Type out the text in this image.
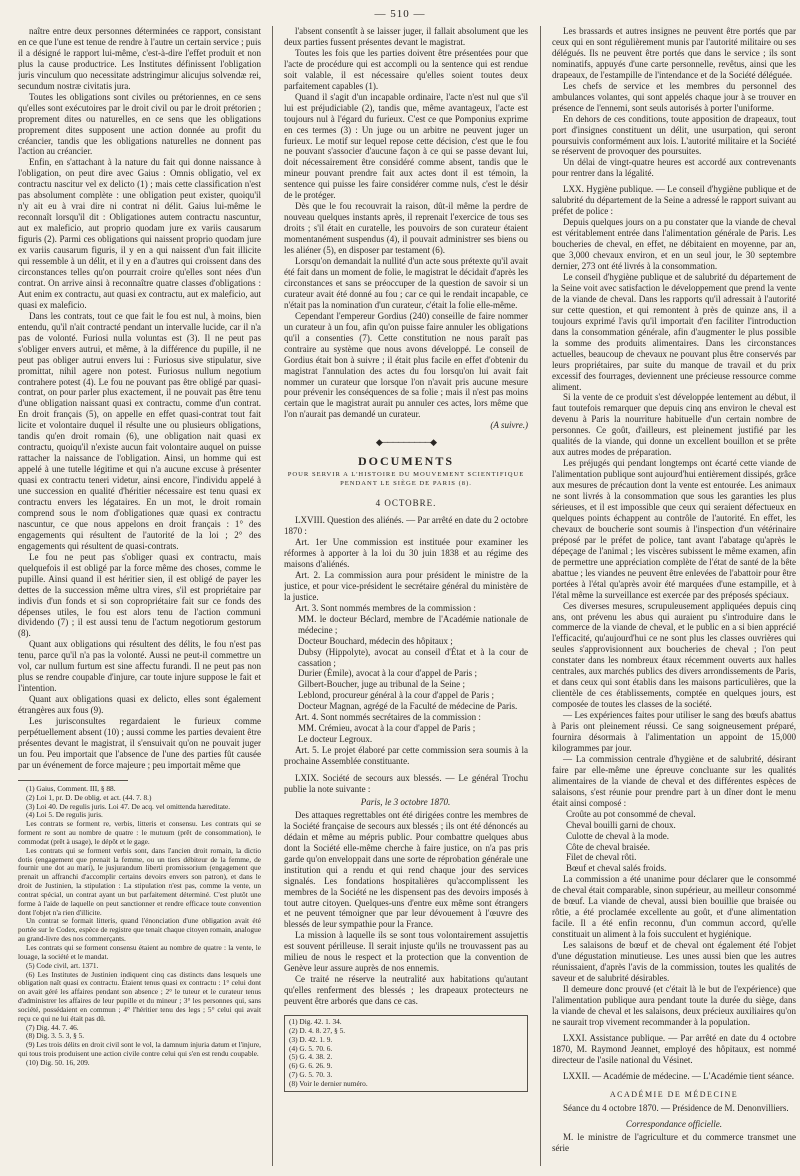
— 510 —

naître entre deux personnes déterminées ce rapport, consistant en ce que l'une est tenue de rendre à l'autre un certain service ; puis il a désigné le rapport lui-même, c'est-à-dire l'effet produit et non plus la cause productrice. Les Institutes définissent l'obligation juris vinculum quo necessitate adstringimur alicujus solvendæ rei, secundum nostræ civitatis jura.

Toutes les obligations sont civiles ou prétoriennes, en ce sens qu'elles sont exécutoires par le droit civil ou par le droit prétorien ; proprement dites ou naturelles, en ce sens que les obligations proprement dites supposent une action donnée au profit du créancier, tandis que les obligations naturelles ne donnent pas l'action au créancier.

Enfin, en s'attachant à la nature du fait qui donne naissance à l'obligation, on peut dire avec Gaius : Omnis obligatio, vel ex contractu nascitur vel ex delicto (1) ; mais cette classification n'est pas absolument complète : une obligation peut exister, quoiqu'il n'y ait eu à vrai dire ni contrat ni délit. Gaius lui-même le reconnaît lorsqu'il dit : Obligationes autem contractu nascuntur, aut ex maleficio, aut proprio quodam jure ex variis causarum figuris (2). Parmi ces obligations qui naissent proprio quodam jure ex variis causarum figuris, il y en a qui naissent d'un fait illicite qui ressemble à un délit, et il y en a d'autres qui croissent dans des circonstances telles qu'on pourrait croire qu'elles sont nées d'un contrat. On arrive ainsi à reconnaître quatre classes d'obligations : Aut enim ex contractu, aut quasi ex contractu, aut ex maleficio, aut quasi ex maleficio.

Dans les contrats, tout ce que fait le fou est nul, à moins, bien entendu, qu'il n'ait contracté pendant un intervalle lucide, car il n'a pas de volonté. Furiosi nulla voluntas est (3). Il ne peut pas s'obliger envers autrui, et même, à la différence du pupille, il ne peut pas obliger autrui envers lui : Furiosus sive stipulatur, sive promittat, nihil agere non potest. Furiosus nullum negotium contrahere potest (4). Le fou ne pouvant pas être obligé par quasi-contrat, on pour parler plus exactement, il ne pouvait pas être tenu d'une obligation naissant quasi ex contractu, comme d'un contrat. En droit français (5), on appelle en effet quasi-contrat tout fait licite et volontaire duquel il résulte une ou plusieurs obligations, tandis qu'en droit romain (6), une obligation nait quasi ex contractu, quoiqu'il n'existe aucun fait volontaire auquel on puisse rattacher la naissance de l'obligation. Ainsi, un homme qui est appelé à une tutelle légitime et qui n'a aucune excuse à présenter quasi ex contractu teneri videtur, ainsi encore, l'individu appelé à une succession en qualité d'héritier nécessaire est tenu quasi ex contractu envers les légataires. En un mot, le droit romain comprend sous le nom d'obligationes quæ quasi ex contractu nascuntur, ce que nous appelons en droit français : 1° des engagements qui résultent de l'autorité de la loi ; 2° des engagements qui résultent de quasi-contrats.

Le fou ne peut pas s'obliger quasi ex contractu, mais quelquefois il est obligé par la force même des choses, comme le pupille. Ainsi quand il est héritier sien, il est obligé de payer les dettes de la succession même ultra vires, s'il est propriétaire par indivis d'un fonds et si son copropriétaire fait sur ce fonds des dépenses utiles, le fou est alors tenu de l'action communi dividendo (7) ; il est aussi tenu de l'actum negotiorum gestorum (8).

Quant aux obligations qui résultent des délits, le fou n'est pas tenu, parce qu'il n'a pas la volonté. Aussi ne peut-il commettre un vol, car nullum furtum est sine affectu furandi. Il ne peut pas non plus se rendre coupable d'injure, car toute injure suppose le fait et l'intention.

Quant aux obligations quasi ex delicto, elles sont également étrangères aux fous (9).

Les jurisconsultes regardaient le furieux comme perpétuellement absent (10) ; aussi comme les parties devaient être présentes devant le magistrat, il s'ensuivait qu'on ne pouvait juger un fou. Peu importait que l'absence de l'une des parties fût causée par un événement de force majeure ; peu importait même que

(1) Gaius, Comment. III, § 88.

(2) Loi 1, pr. D. De oblig. et act. (44. 7. 8.)

(3) Loi 40. De regulis juris. Loi 47. De acq. vel omittenda hæreditate.

(4) Loi 5. De regulis juris.

Les contrats se forment re, verbis, litteris et consensu. Les contrats qui se forment re sont au nombre de quatre : le mutuum (prêt de consommation), le commodat (prêt à usage), le dépôt et le gage.

Les contrats qui se forment verbis sont, dans l'ancien droit romain, la dictio dotis (engagement que prenait la femme, ou un tiers débiteur de la femme, de fournir une dot au mari), le jusjurandum liberti promissorium (engagement que prenait un affranchi d'accomplir certains devoirs envers son patron), et dans le droit de Justinien, la stipulation : La stipulation n'est pas, comme la vente, un contrat spécial, un contrat ayant un but parfaitement déterminé. C'est plutôt une forme à l'aide de laquelle on peut sanctionner et rendre efficace toute convention dont l'objet n'a rien d'illicite.

Un contrat se formait litteris, quand l'énonciation d'une obligation avait été portée sur le Codex, espèce de registre que tenait chaque citoyen romain, analogue au grand-livre des nos commerçants.

Les contrats qui se forment consensu étaient au nombre de quatre : la vente, le louage, la société et le mandat.

(5) Code civil, art. 1371.

(6) Les Institutes de Justinien indiquent cinq cas distincts dans lesquels une obligation naît quasi ex contractu. Étaient tenus quasi ex contractu : 1° celui dont on avait géré les affaires pendant son absence ; 2° le tuteur et le curateur tenus d'administrer les affaires de leur pupille et du mineur ; 3° les personnes qui, sans société, possédaient en commun ; 4° l'héritier tenu des legs ; 5° celui qui avait reçu ce qui ne lui était pas dû.

(7) Dig. 44. 7. 46.

(8) Dig. 3. 5. 3, § 5.

(9) Les trois délits en droit civil sont le vol, la damnum injuria datum et l'injure, qui tous trois produisent une action civile contre celui qui s'en est rendu coupable.

(10) Dig. 50. 16, 209.

l'absent consentît à se laisser juger, il fallait absolument que les deux parties fussent présentes devant le magistrat.

Toutes les fois que les parties doivent être présentées pour que l'acte de procédure qui est accompli ou la sentence qui est rendue soit valable, il est nécessaire qu'elles soient toutes deux parfaitement capables (1).

Quand il s'agit d'un incapable ordinaire, l'acte n'est nul que s'il lui est préjudiciable (2), tandis que, même avantageux, l'acte est toujours nul à l'égard du furieux. C'est ce que Pomponius exprime en ces termes (3) : Un juge ou un arbitre ne peuvent juger un furieux. Le motif sur lequel repose cette décision, c'est que le fou ne pouvant s'associer d'aucune façon à ce qui se passe devant lui, doit nécessairement être considéré comme absent, tandis que le mineur pouvant prendre fait aux actes dont il est témoin, la sentence qui puisse les faire considérer comme nuls, c'est le désir de le protéger.

Dès que le fou recouvrait la raison, dût-il même la perdre de nouveau quelques instants après, il reprenait l'exercice de tous ses droits ; s'il était en curatelle, les pouvoirs de son curateur étaient momentanément suspendus (4), il pouvait administrer ses biens ou les aliéner (5), en disposer par testament (6).

Lorsqu'on demandait la nullité d'un acte sous prétexte qu'il avait été fait dans un moment de folie, le magistrat le décidait d'après les circonstances et sans se préoccuper de la question de savoir si un curateur avait été donné au fou ; car ce qui le rendait incapable, ce n'était pas la nomination d'un curateur, c'était la folie elle-même.

Cependant l'empereur Gordius (240) conseille de faire nommer un curateur à un fou, afin qu'on puisse faire annuler les obligations qu'il a consenties (7). Cette constitution ne nous paraît pas contraire au système que nous avons développé. Le conseil de Gordius était bon à suivre ; il était plus facile en effet d'obtenir du magistrat l'annulation des actes du fou lorsqu'on lui avait fait nommer un curateur que lorsque l'on n'avait pris aucune mesure pour prévenir les conséquences de sa folie ; mais il n'est pas moins certain que le magistrat aurait pu annuler ces actes, lors même que l'on n'aurait pas demandé un curateur.

(A suivre.)

◆─────────◆
DOCUMENTS
POUR SERVIR A L'HISTOIRE DU MOUVEMENT SCIENTIFIQUE
PENDANT LE SIÈGE DE PARIS (8).
4 OCTOBRE.

LXVIII. Question des aliénés. — Par arrêté en date du 2 octobre 1870 :

Art. 1er Une commission est instituée pour examiner les réformes à apporter à la loi du 30 juin 1838 et au régime des maisons d'aliénés.

Art. 2. La commission aura pour président le ministre de la justice, et pour vice-président le secrétaire général du ministère de la justice.

Art. 3. Sont nommés membres de la commission :

MM. le docteur Béclard, membre de l'Académie nationale de médecine ;

Docteur Bouchard, médecin des hôpitaux ;

Dubsy (Hippolyte), avocat au conseil d'État et à la cour de cassation ;

Durier (Émile), avocat à la cour d'appel de Paris ;

Gilbert-Boucher, juge au tribunal de la Seine ;

Leblond, procureur général à la cour d'appel de Paris ;

Docteur Magnan, agrégé de la Faculté de médecine de Paris.

Art. 4. Sont nommés secrétaires de la commission :

MM. Crémieu, avocat à la cour d'appel de Paris ;

Le docteur Legroux.

Art. 5. Le projet élaboré par cette commission sera soumis à la prochaine Assemblée constituante.

LXIX. Société de secours aux blessés. — Le général Trochu publie la note suivante :

Paris, le 3 octobre 1870.

Des attaques regrettables ont été dirigées contre les membres de la Société française de secours aux blessés ; ils ont été dénoncés au dédain et même au mépris public. Pour combattre quelques abus dont la Société elle-même cherche à faire justice, on n'a pas pris garde qu'on enveloppait dans une sorte de réprobation générale une institution qui a rendu et qui rend chaque jour des services signalés. Les fondations hospitalières qu'accomplissent les membres de la Société ne les dispensent pas des devoirs imposés à tout autre citoyen. Quelques-uns d'entre eux même sont étrangers et ne peuvent témoigner que par leur dévouement à l'œuvre des blessés de leur sympathie pour la France.

La mission à laquelle ils se sont tous volontairement assujettis est souvent périlleuse. Il serait injuste qu'ils ne trouvassent pas au milieu de nous le respect et la protection que la convention de Genève leur assure auprès de nos ennemis.

Ce traité ne réserve la neutralité aux habitations qu'autant qu'elles renferment des blessés ; les drapeaux protecteurs ne peuvent être arborés que dans ce cas.

(1) Dig. 42. 1. 34.

(2) D. 4. 8. 27, § 5.

(3) D. 42. 1. 9.

(4) G. 5. 70. 6.

(5) G. 4. 38. 2.

(6) G. 6. 26. 9.

(7) G. 5. 70. 3.

(8) Voir le dernier numéro.

Les brassards et autres insignes ne peuvent être portés que par ceux qui en sont régulièrement munis par l'autorité militaire ou ses délégués. Ils ne peuvent être portés que dans le service ; ils sont nominatifs, appuyés d'une carte personnelle, revêtus, ainsi que les drapeaux, de l'estampille de l'intendance et de la Société déléguée.

Les chefs de service et les membres du personnel des ambulances volantes, qui sont appelés chaque jour à se trouver en présence de l'ennemi, sont seuls autorisés à porter l'uniforme.

En dehors de ces conditions, toute apposition de drapeaux, tout port d'insignes constituent un délit, une usurpation, qui seront poursuivis conformément aux lois. L'autorité militaire et la Société se réservent de provoquer des poursuites.

Un délai de vingt-quatre heures est accordé aux contrevenants pour rentrer dans la légalité.

LXX. Hygiène publique. — Le conseil d'hygiène publique et de salubrité du département de la Seine a adressé le rapport suivant au préfet de police :

Depuis quelques jours on a pu constater que la viande de cheval est véritablement entrée dans l'alimentation générale de Paris. Les boucheries de cheval, en effet, ne débitaient en moyenne, par an, que 3,000 chevaux environ, et en un seul jour, le 30 septembre dernier, 273 ont été livrés à la consommation.

Le conseil d'hygiène publique et de salubrité du département de la Seine voit avec satisfaction le développement que prend la vente de la viande de cheval. Dans les rapports qu'il adressait à l'autorité sur cette question, et qui remontent à près de quinze ans, il a toujours exprimé l'avis qu'il importait d'en faciliter l'introduction dans la consommation générale, afin d'augmenter le plus possible la somme des produits alimentaires. Dans les circonstances actuelles, beaucoup de chevaux ne pouvant plus être conservés par leurs propriétaires, par suite du manque de travail et du prix excessif des fourrages, deviennent une précieuse ressource comme aliment.

Si la vente de ce produit s'est développée lentement au début, il faut toutefois remarquer que depuis cinq ans environ le cheval est devenu à Paris la nourriture habituelle d'un certain nombre de personnes. Ce goût, d'ailleurs, est pleinement justifié par les qualités de la viande, qui donne un excellent bouillon et se prête aux autres modes de préparation.

Les préjugés qui pendant longtemps ont écarté cette viande de l'alimentation publique sont aujourd'hui entièrement dissipés, grâce aux mesures de précaution dont la vente est entourée. Les animaux ne sont livrés à la consommation que sous les garanties les plus sérieuses, et il est impossible que ceux qui seraient défectueux en quelques points échappent au contrôle de l'autorité. En effet, les chevaux de boucherie sont soumis à l'inspection d'un vétérinaire préposé par le préfet de police, tant avant l'abatage qu'après le dépeçage de l'animal ; les viscères subissent le même examen, afin de permettre une appréciation complète de l'état de santé de la bête abattue ; les viandes ne peuvent être enlevées de l'abattoir pour être portées à l'étal qu'après avoir été marquées d'une estampille, et à l'étal même la surveillance est exercée par des préposés spéciaux.

Ces diverses mesures, scrupuleusement appliquées depuis cinq ans, ont prévenu les abus qui auraient pu s'introduire dans le commerce de la viande de cheval, et le public en a si bien apprécié l'efficacité, qu'aujourd'hui ce ne sont plus les classes ouvrières qui seules s'approvisionnent aux boucheries de cheval ; l'on peut constater dans les nombreux étaux récemment ouverts aux halles centrales, aux marchés publics des divers arrondissements de Paris, et dans ceux qui sont établis dans les maisons particulières, que la clientèle de ces établissements, comptée en quelques jours, est composée de toutes les classes de la société.

— Les expériences faites pour utiliser le sang des bœufs abattus à Paris ont pleinement réussi. Ce sang soigneusement préparé, fournira désormais à l'alimentation un appoint de 15,000 kilogrammes par jour.

— La commission centrale d'hygiène et de salubrité, désirant faire par elle-même une épreuve concluante sur les qualités alimentaires de la viande de cheval et des différentes espèces de salaisons, s'est réunie pour prendre part à un dîner dont le menu était ainsi composé :

Croûte au pot consommé de cheval.

Cheval bouilli garni de choux.

Culotte de cheval à la mode.

Côte de cheval braisée.

Filet de cheval rôti.

Bœuf et cheval salés froids.

La commission a été unanime pour déclarer que le consommé de cheval était comparable, sinon supérieur, au meilleur consommé de bœuf. La viande de cheval, aussi bien bouillie que braisée ou rôtie, a été proclamée excellente au goût, et d'une alimentation facile. Il a été enfin reconnu, d'un commun accord, qu'elle constituait un aliment à la fois succulent et hygiénique.

Les salaisons de bœuf et de cheval ont également été l'objet d'une dégustation minutieuse. Les unes aussi bien que les autres réunissaient, d'après l'avis de la commission, toutes les qualités de saveur et de salubrité désirables.

Il demeure donc prouvé (et c'était là le but de l'expérience) que l'alimentation publique aura pendant toute la durée du siège, dans la viande de cheval et les salaisons, deux précieux auxiliaires qu'on ne saurait trop vivement recommander à la population.

LXXI. Assistance publique. — Par arrêté en date du 4 octobre 1870, M. Raymond Jeannet, employé des hôpitaux, est nommé directeur de l'asile national du Vésinet.

LXXII. — Académie de médecine. — L'Académie tient séance.

ACADÉMIE DE MÉDECINE

Séance du 4 octobre 1870. — Présidence de M. Denonvilliers.

Correspondance officielle.

M. le ministre de l'agriculture et du commerce transmet une série
